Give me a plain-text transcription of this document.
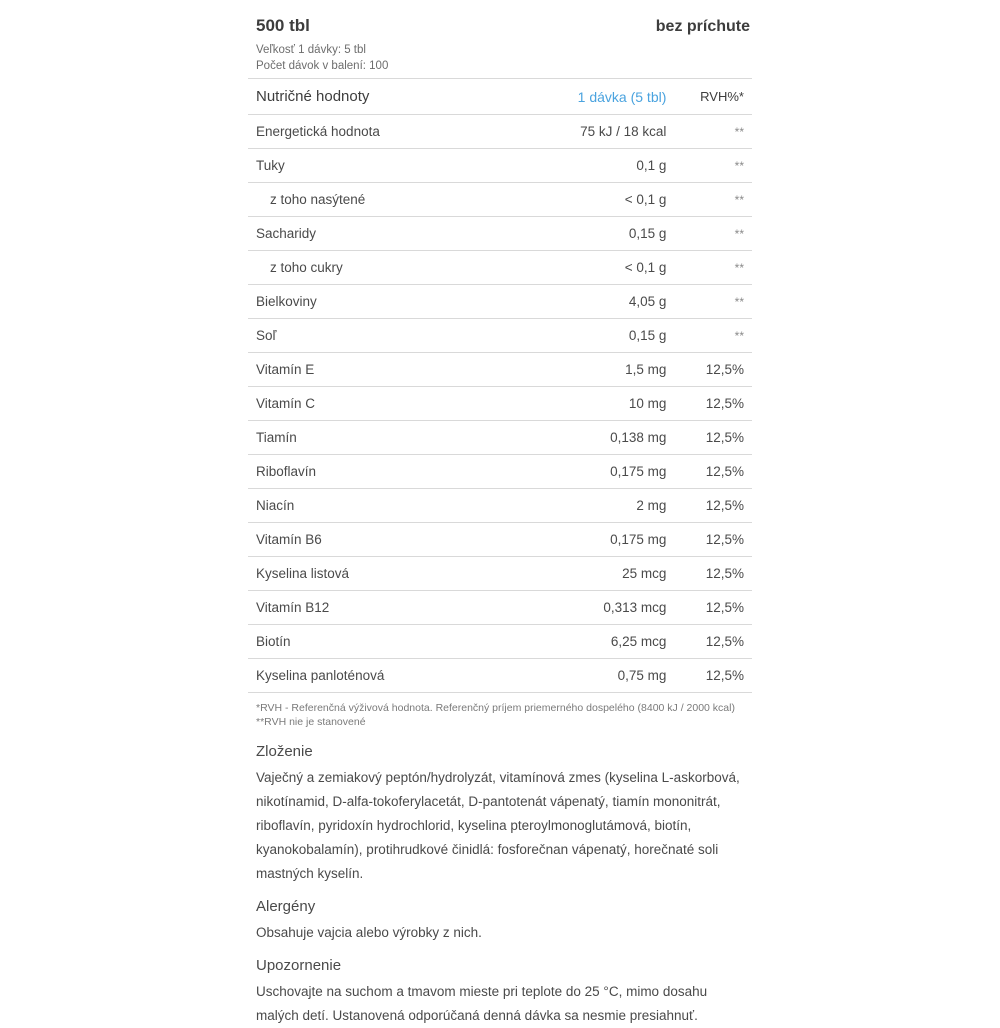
500 tbl	bez príchute
Veľkosť 1 dávky: 5 tbl
Počet dávok v balení: 100
Nutričné hodnoty	1 dávka (5 tbl)	RVH%*
Energetická hodnota	75 kJ / 18 kcal	**
Tuky	0,1 g	**
z toho nasýtené	< 0,1 g	**
Sacharidy	0,15 g	**
z toho cukry	< 0,1 g	**
Bielkoviny	4,05 g	**
Soľ	0,15 g	**
Vitamín E	1,5 mg	12,5%
Vitamín C	10 mg	12,5%
Tiamín	0,138 mg	12,5%
Riboflavín	0,175 mg	12,5%
Niacín	2 mg	12,5%
Vitamín B6	0,175 mg	12,5%
Kyselina listová	25 mcg	12,5%
Vitamín B12	0,313 mcg	12,5%
Biotín	6,25 mcg	12,5%
Kyselina panloténová	0,75 mg	12,5%
*RVH - Referenčná výživová hodnota. Referenčný príjem priemerného dospelého (8400 kJ / 2000 kcal)
**RVH nie je stanovené
Zloženie

Vaječný a zemiakový peptón/hydrolyzát, vitamínová zmes (kyselina L-askorbová, nikotínamid, D-alfa-tokoferylacetát, D-pantotenát vápenatý, tiamín mononitrát, riboflavín, pyridoxín hydrochlorid, kyselina pteroylmonoglutámová, biotín, kyanokobalamín), protihrudkové činidlá: fosforečnan vápenatý, horečnaté soli mastných kyselín.

Alergény

Obsahuje vajcia alebo výrobky z nich.

Upozornenie

Uschovajte na suchom a tmavom mieste pri teplote do 25 °C, mimo dosahu malých detí. Ustanovená odporúčaná denná dávka sa nesmie presiahnuť.
